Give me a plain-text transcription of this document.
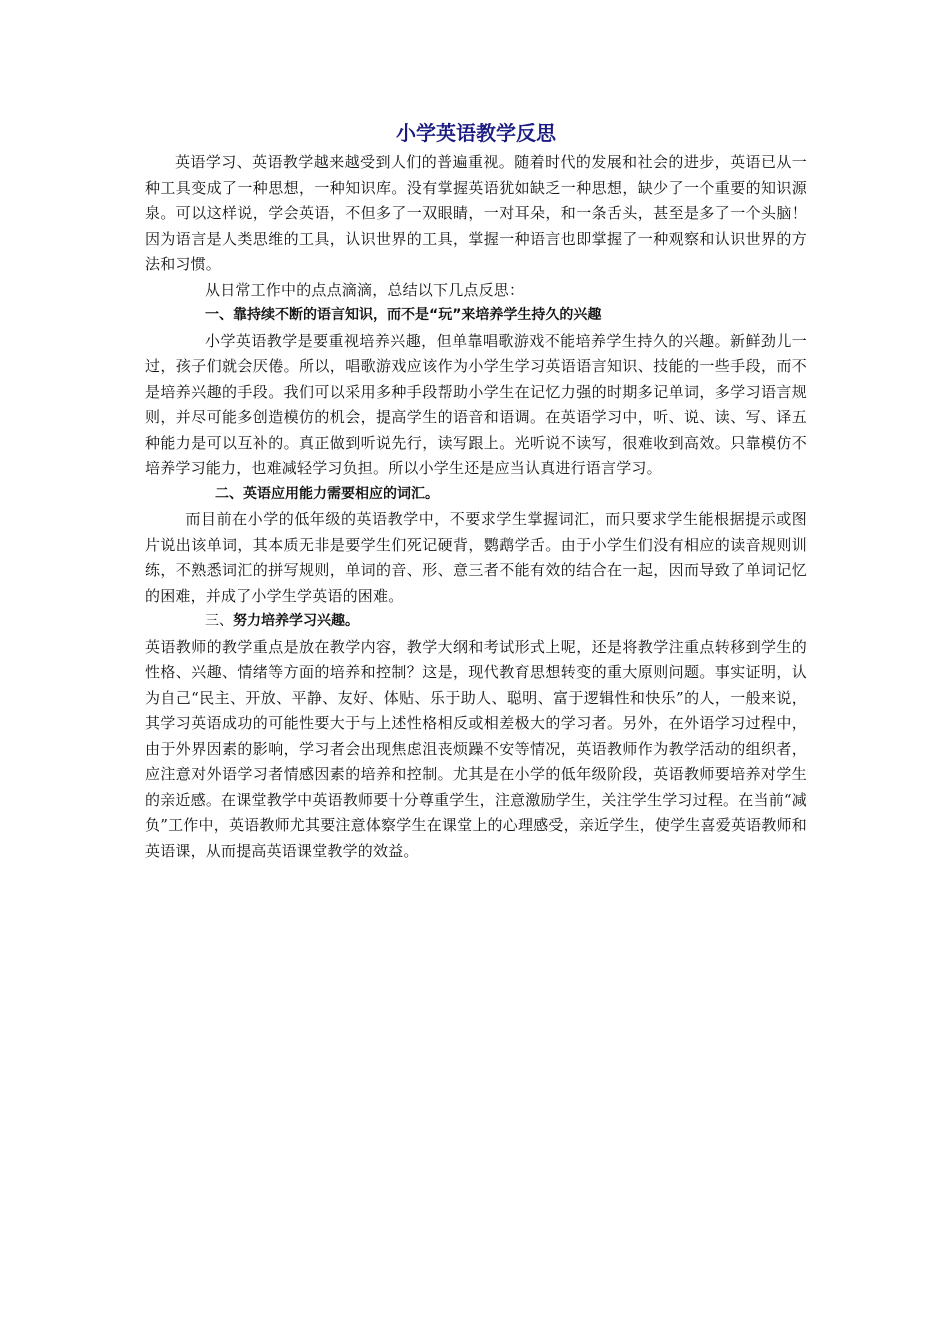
小学英语教学反思

英语学习、英语教学越来越受到人们的普遍重视。随着时代的发展和社会的进步，英语已从一种工具变成了一种思想，一种知识库。没有掌握英语犹如缺乏一种思想，缺少了一个重要的知识源泉。可以这样说，学会英语，不但多了一双眼睛，一对耳朵，和一条舌头，甚至是多了一个头脑！因为语言是人类思维的工具，认识世界的工具，掌握一种语言也即掌握了一种观察和认识世界的方法和习惯。

从日常工作中的点点滴滴，总结以下几点反思：

一、靠持续不断的语言知识，而不是“玩”来培养学生持久的兴趣

小学英语教学是要重视培养兴趣，但单靠唱歌游戏不能培养学生持久的兴趣。新鲜劲儿一过，孩子们就会厌倦。所以，唱歌游戏应该作为小学生学习英语语言知识、技能的一些手段，而不是培养兴趣的手段。我们可以采用多种手段帮助小学生在记忆力强的时期多记单词，多学习语言规则，并尽可能多创造模仿的机会，提高学生的语音和语调。在英语学习中，听、说、读、写、译五种能力是可以互补的。真正做到听说先行，读写跟上。光听说不读写，很难收到高效。只靠模仿不培养学习能力，也难减轻学习负担。所以小学生还是应当认真进行语言学习。

二、英语应用能力需要相应的词汇。

而目前在小学的低年级的英语教学中，不要求学生掌握词汇，而只要求学生能根据提示或图片说出该单词，其本质无非是要学生们死记硬背，鹦鹉学舌。由于小学生们没有相应的读音规则训练，不熟悉词汇的拼写规则，单词的音、形、意三者不能有效的结合在一起，因而导致了单词记忆的困难，并成了小学生学英语的困难。

三、努力培养学习兴趣。

英语教师的教学重点是放在教学内容，教学大纲和考试形式上呢，还是将教学注重点转移到学生的性格、兴趣、情绪等方面的培养和控制？这是，现代教育思想转变的重大原则问题。事实证明，认为自己“民主、开放、平静、友好、体贴、乐于助人、聪明、富于逻辑性和快乐”的人，一般来说，其学习英语成功的可能性要大于与上述性格相反或相差极大的学习者。另外，在外语学习过程中，由于外界因素的影响，学习者会出现焦虑沮丧烦躁不安等情况，英语教师作为教学活动的组织者，应注意对外语学习者情感因素的培养和控制。尤其是在小学的低年级阶段，英语教师要培养对学生的亲近感。在课堂教学中英语教师要十分尊重学生，注意激励学生，关注学生学习过程。在当前“减负”工作中，英语教师尤其要注意体察学生在课堂上的心理感受，亲近学生，使学生喜爱英语教师和英语课，从而提高英语课堂教学的效益。
